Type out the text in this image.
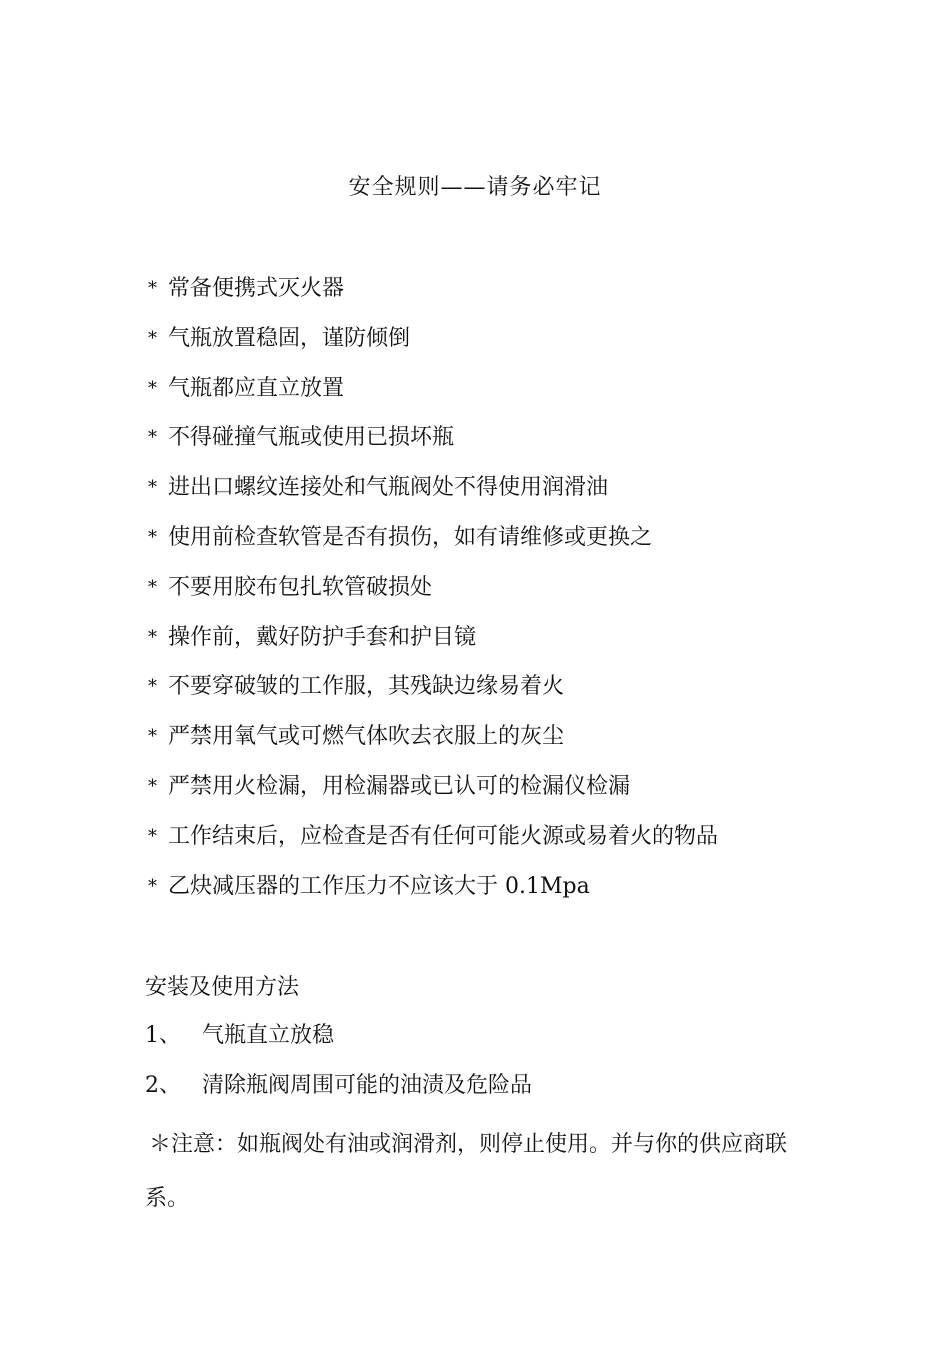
安全规则——请务必牢记
* 常备便携式灭火器
* 气瓶放置稳固，谨防倾倒
* 气瓶都应直立放置
* 不得碰撞气瓶或使用已损坏瓶
* 进出口螺纹连接处和气瓶阀处不得使用润滑油
* 使用前检查软管是否有损伤，如有请维修或更换之
* 不要用胶布包扎软管破损处
* 操作前，戴好防护手套和护目镜
* 不要穿破皱的工作服，其残缺边缘易着火
* 严禁用氧气或可燃气体吹去衣服上的灰尘
* 严禁用火检漏，用检漏器或已认可的检漏仪检漏
* 工作结束后，应检查是否有任何可能火源或易着火的物品
* 乙炔减压器的工作压力不应该大于 0.1Mpa
安装及使用方法
1、 气瓶直立放稳
2、 清除瓶阀周围可能的油渍及危险品
＊注意：如瓶阀处有油或润滑剂，则停止使用。并与你的供应商联系。
